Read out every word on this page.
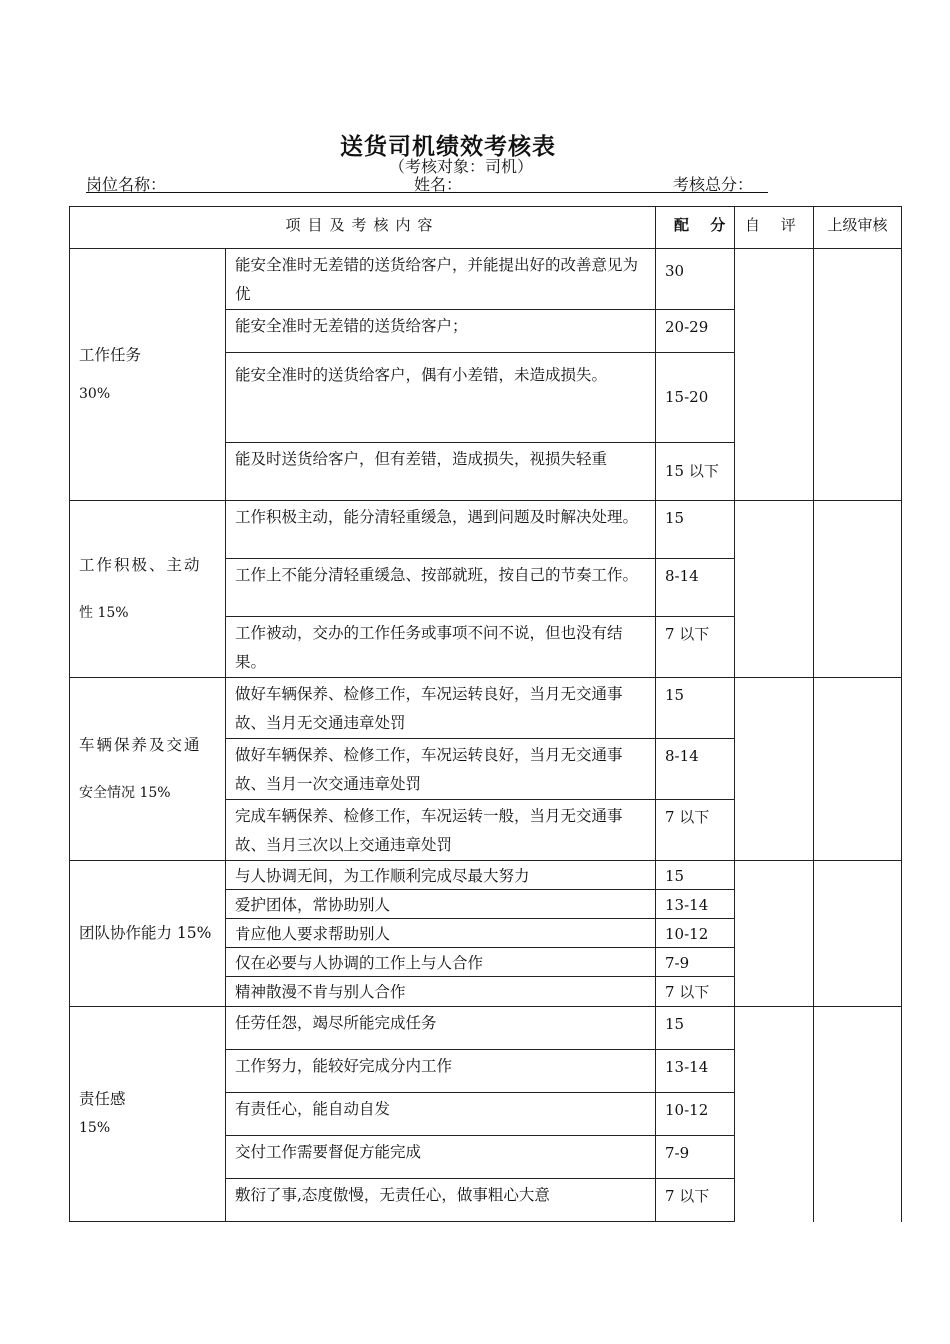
送货司机绩效考核表
（考核对象：司机）
岗位名称：	姓名：	考核总分：
项目及考核内容		配 分	自 评	上级审核

工作任务
30%	能安全准时无差错的送货给客户，并能提出好的改善意见为优	30		
	能安全准时无差错的送货给客户；	20-29		
	能安全准时的送货给客户，偶有小差错，未造成损失。	15-20		
	能及时送货给客户，但有差错，造成损失，视损失轻重	15 以下		

工作积极、主动
性 15%	工作积极主动，能分清轻重缓急，遇到问题及时解决处理。	15		
	工作上不能分清轻重缓急、按部就班，按自己的节奏工作。	8-14		
	工作被动，交办的工作任务或事项不问不说，但也没有结果。	7 以下		

车辆保养及交通
安全情况 15%	做好车辆保养、检修工作，车况运转良好，当月无交通事故、当月无交通违章处罚	15		
	做好车辆保养、检修工作，车况运转良好，当月无交通事故、当月一次交通违章处罚	8-14		
	完成车辆保养、检修工作，车况运转一般，当月无交通事故、当月三次以上交通违章处罚	7 以下		

团队协作能力 15%	与人协调无间，为工作顺利完成尽最大努力	15		
	爱护团体，常协助别人	13-14		
	肯应他人要求帮助别人	10-12		
	仅在必要与人协调的工作上与人合作	7-9		
	精神散漫不肯与别人合作	7 以下		

责任感
15%	任劳任怨，竭尽所能完成任务	15		
	工作努力，能较好完成分内工作	13-14		
	有责任心，能自动自发	10-12		
	交付工作需要督促方能完成	7-9		
	敷衍了事,态度傲慢，无责任心，做事粗心大意	7 以下		
